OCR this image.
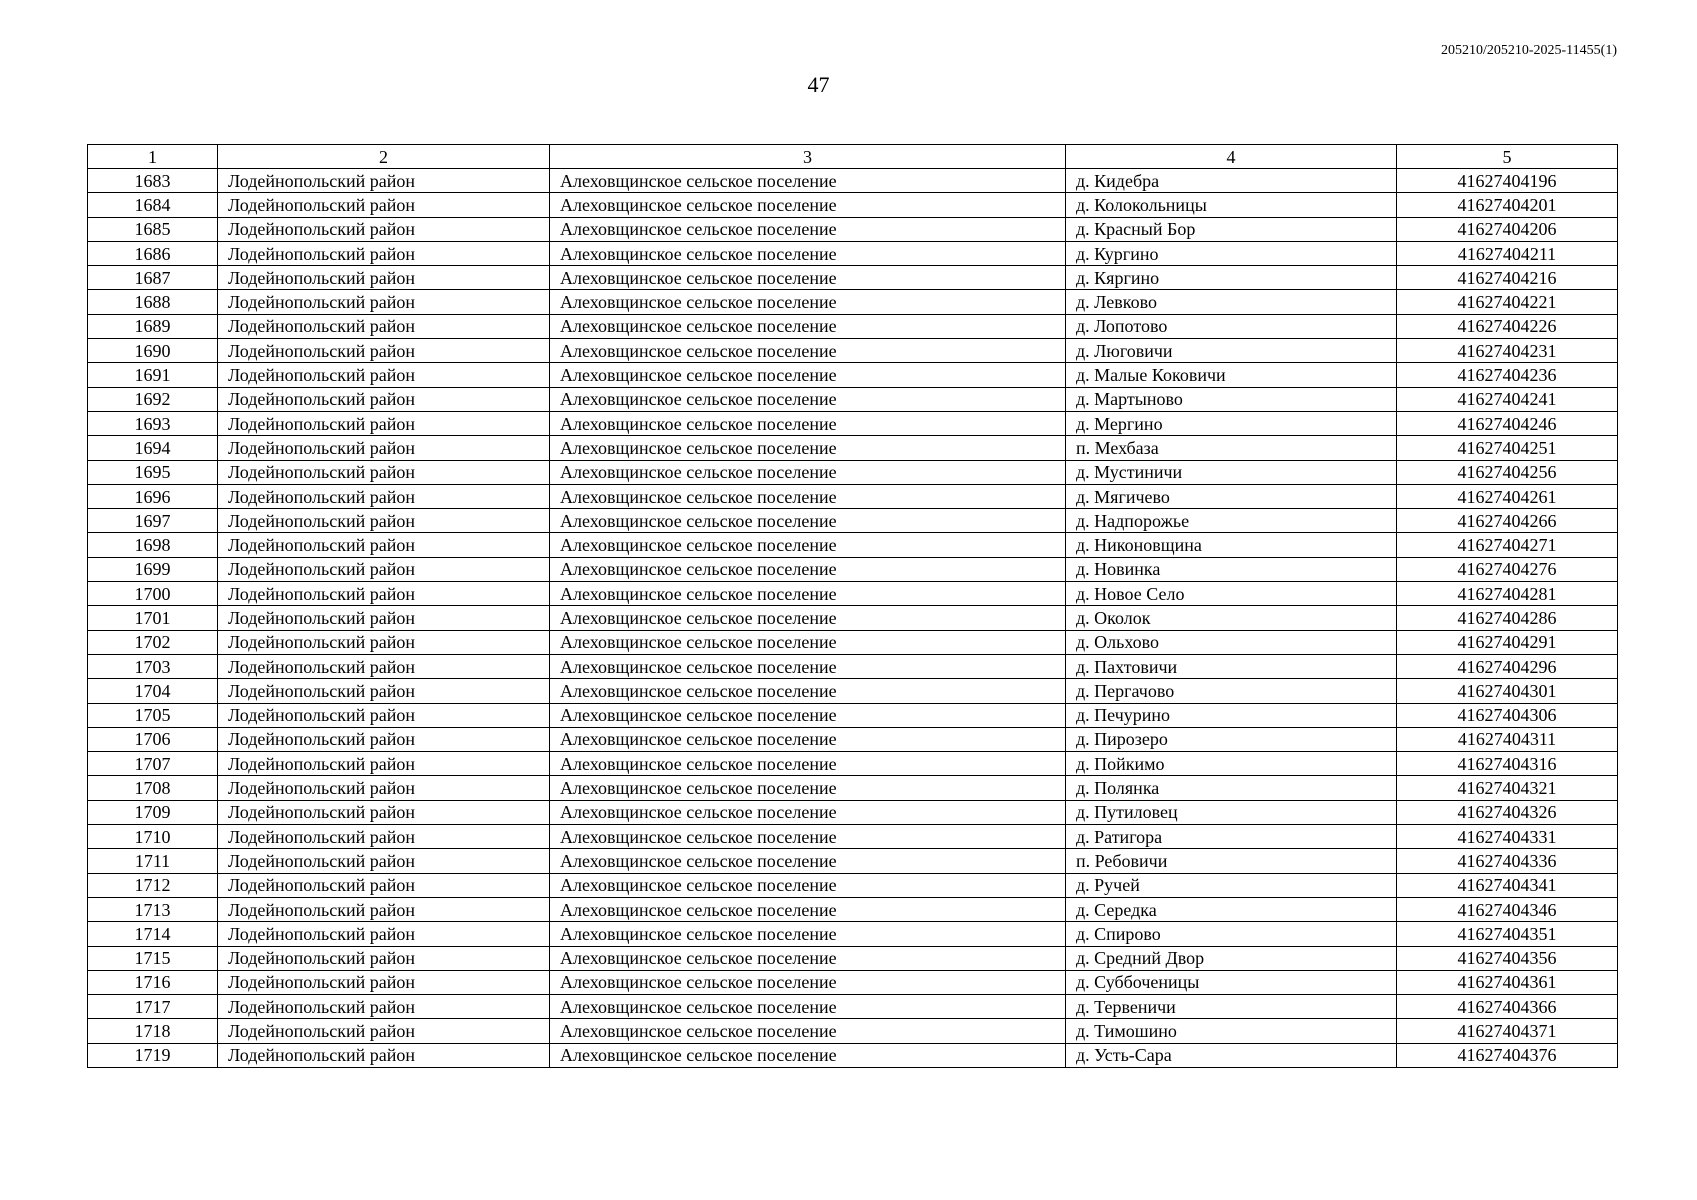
205210/205210-2025-11455(1)
47
1	2	3	4	5
1683	Лодейнопольский район	Алеховщинское сельское поселение	д. Кидебра	41627404196
1684	Лодейнопольский район	Алеховщинское сельское поселение	д. Колокольницы	41627404201
1685	Лодейнопольский район	Алеховщинское сельское поселение	д. Красный Бор	41627404206
1686	Лодейнопольский район	Алеховщинское сельское поселение	д. Кургино	41627404211
1687	Лодейнопольский район	Алеховщинское сельское поселение	д. Кяргино	41627404216
1688	Лодейнопольский район	Алеховщинское сельское поселение	д. Левково	41627404221
1689	Лодейнопольский район	Алеховщинское сельское поселение	д. Лопотово	41627404226
1690	Лодейнопольский район	Алеховщинское сельское поселение	д. Люговичи	41627404231
1691	Лодейнопольский район	Алеховщинское сельское поселение	д. Малые Коковичи	41627404236
1692	Лодейнопольский район	Алеховщинское сельское поселение	д. Мартыново	41627404241
1693	Лодейнопольский район	Алеховщинское сельское поселение	д. Мергино	41627404246
1694	Лодейнопольский район	Алеховщинское сельское поселение	п. Мехбаза	41627404251
1695	Лодейнопольский район	Алеховщинское сельское поселение	д. Мустиничи	41627404256
1696	Лодейнопольский район	Алеховщинское сельское поселение	д. Мягичево	41627404261
1697	Лодейнопольский район	Алеховщинское сельское поселение	д. Надпорожье	41627404266
1698	Лодейнопольский район	Алеховщинское сельское поселение	д. Никоновщина	41627404271
1699	Лодейнопольский район	Алеховщинское сельское поселение	д. Новинка	41627404276
1700	Лодейнопольский район	Алеховщинское сельское поселение	д. Новое Село	41627404281
1701	Лодейнопольский район	Алеховщинское сельское поселение	д. Околок	41627404286
1702	Лодейнопольский район	Алеховщинское сельское поселение	д. Ольхово	41627404291
1703	Лодейнопольский район	Алеховщинское сельское поселение	д. Пахтовичи	41627404296
1704	Лодейнопольский район	Алеховщинское сельское поселение	д. Пергачово	41627404301
1705	Лодейнопольский район	Алеховщинское сельское поселение	д. Печурино	41627404306
1706	Лодейнопольский район	Алеховщинское сельское поселение	д. Пирозеро	41627404311
1707	Лодейнопольский район	Алеховщинское сельское поселение	д. Пойкимо	41627404316
1708	Лодейнопольский район	Алеховщинское сельское поселение	д. Полянка	41627404321
1709	Лодейнопольский район	Алеховщинское сельское поселение	д. Путиловец	41627404326
1710	Лодейнопольский район	Алеховщинское сельское поселение	д. Ратигора	41627404331
1711	Лодейнопольский район	Алеховщинское сельское поселение	п. Ребовичи	41627404336
1712	Лодейнопольский район	Алеховщинское сельское поселение	д. Ручей	41627404341
1713	Лодейнопольский район	Алеховщинское сельское поселение	д. Середка	41627404346
1714	Лодейнопольский район	Алеховщинское сельское поселение	д. Спирово	41627404351
1715	Лодейнопольский район	Алеховщинское сельское поселение	д. Средний Двор	41627404356
1716	Лодейнопольский район	Алеховщинское сельское поселение	д. Суббоченицы	41627404361
1717	Лодейнопольский район	Алеховщинское сельское поселение	д. Тервеничи	41627404366
1718	Лодейнопольский район	Алеховщинское сельское поселение	д. Тимошино	41627404371
1719	Лодейнопольский район	Алеховщинское сельское поселение	д. Усть-Сара	41627404376
